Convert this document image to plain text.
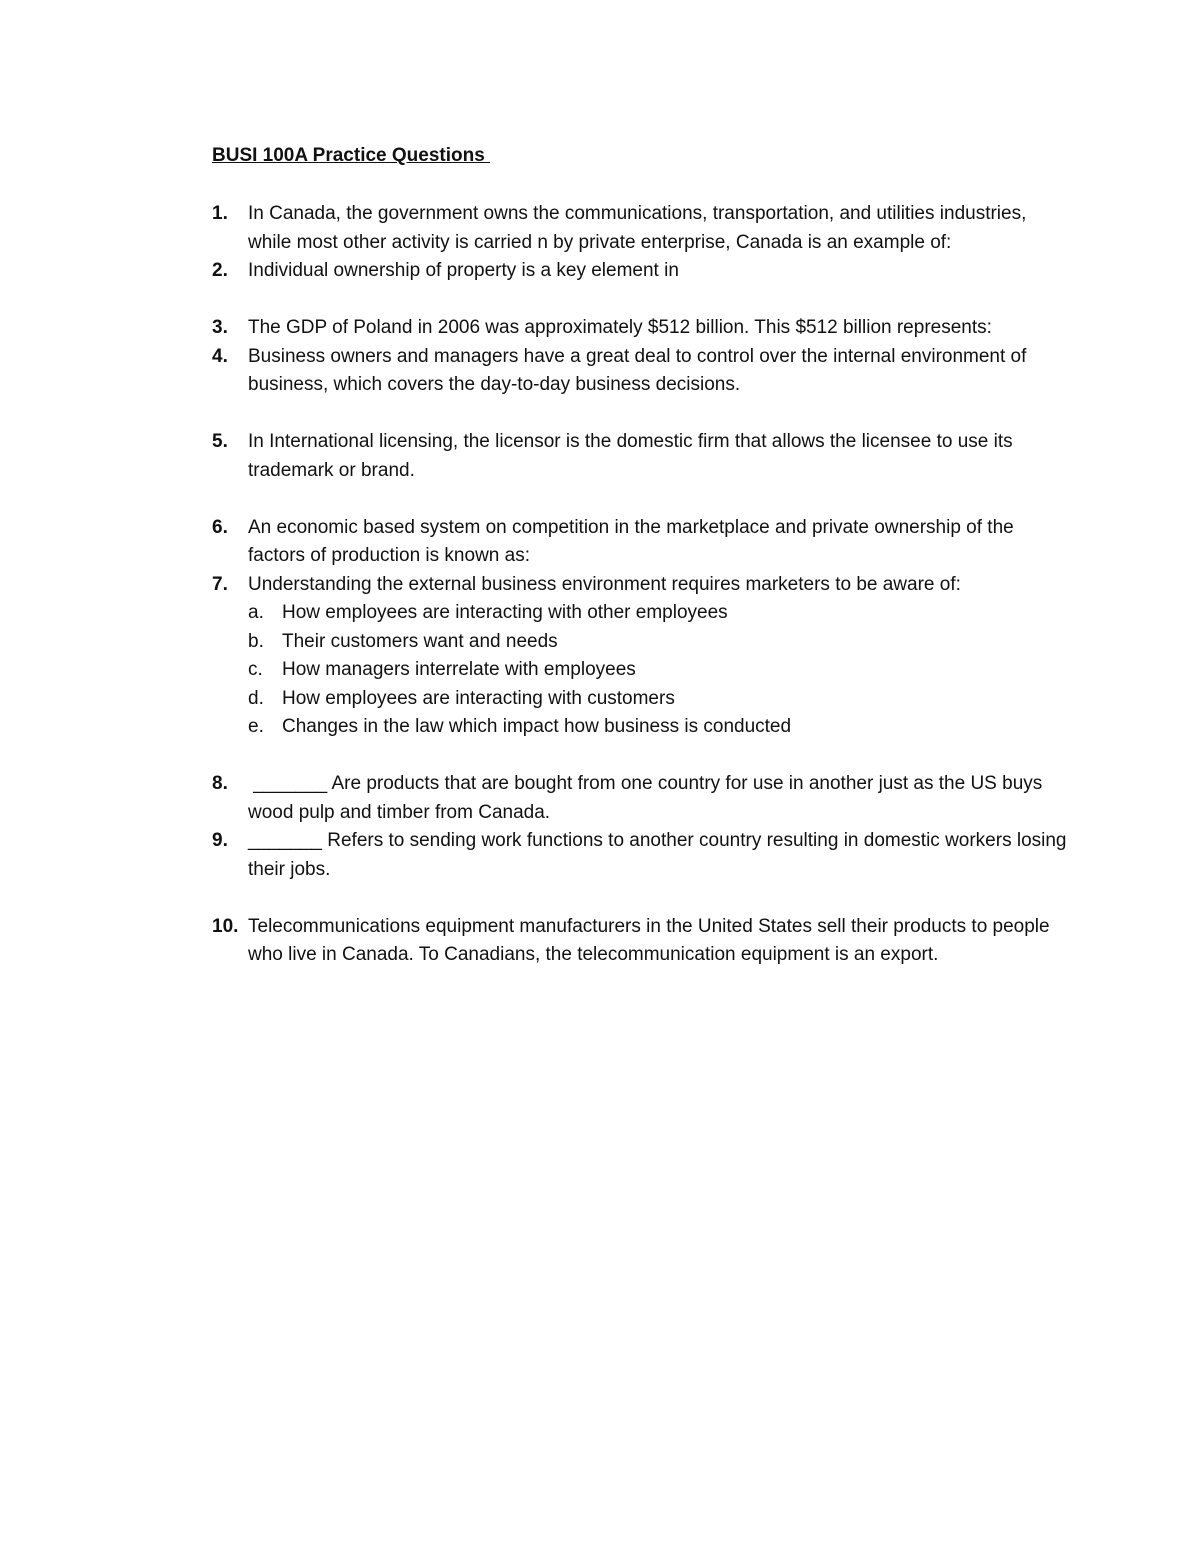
BUSI 100A Practice Questions
1. In Canada, the government owns the communications, transportation, and utilities industries, while most other activity is carried n by private enterprise, Canada is an example of:
2. Individual ownership of property is a key element in
3. The GDP of Poland in 2006 was approximately $512 billion. This $512 billion represents:
4. Business owners and managers have a great deal to control over the internal environment of business, which covers the day-to-day business decisions.
5. In International licensing, the licensor is the domestic firm that allows the licensee to use its trademark or brand.
6. An economic based system on competition in the marketplace and private ownership of the factors of production is known as:
7. Understanding the external business environment requires marketers to be aware of:
a. How employees are interacting with other employees
b. Their customers want and needs
c. How managers interrelate with employees
d. How employees are interacting with customers
e. Changes in the law which impact how business is conducted
8. _______ Are products that are bought from one country for use in another just as the US buys wood pulp and timber from Canada.
9. _______ Refers to sending work functions to another country resulting in domestic workers losing their jobs.
10. Telecommunications equipment manufacturers in the United States sell their products to people who live in Canada. To Canadians, the telecommunication equipment is an export.
